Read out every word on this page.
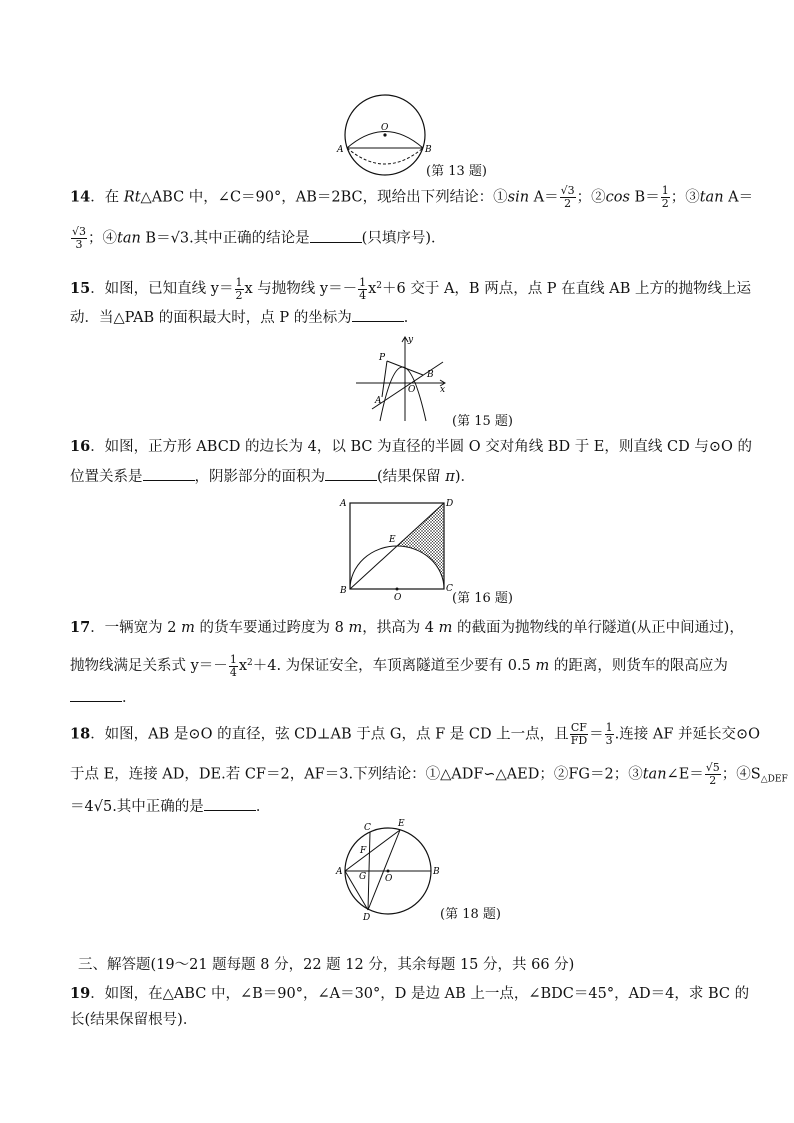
O
A	B
(第 13 题)
14．在 Rt△ABC 中，∠C＝90°，AB＝2BC，现给出下列结论：①sin $A= \frac{√3}{2}$ ；②cos $B= \frac{1}{2}$ ；③tan A＝
$\frac{√3}{3}$ ；④tan B＝√3.其中正确的结论是	(只填序号)．
15．如图，已知直线 $y= \frac{1}{2}$ x 与抛物线 $y=- \frac{1}{4} x^2+6$ 交于 A，B 两点，点 P 在直线 AB 上方的抛物线上运
动．当△PAB 的面积最大时，点 P 的坐标为	．
y
x
P
B
A
O
(第 15 题)
16．如图，正方形 ABCD 的边长为 4，以 BC 为直径的半圆 O 交对角线 BD 于 E，则直线 CD 与⊙O 的
位置关系是	，阴影部分的面积为	(结果保留 π)．
A	D
E
B	C
O	(第 16 题)
17．一辆宽为 2 m 的货车要通过跨度为 8 m，拱高为 4 m 的截面为抛物线的单行隧道(从正中间通过)，
抛物线满足关系式 $y=- \frac{1}{4} x^2+4$. 为保证安全，车顶离隧道至少要有 0.5 m 的距离，则货车的限高应为
．
18．如图，AB 是⊙O 的直径，弦 CD⊥AB 于点 G，点 F 是 CD 上一点，且 $\frac{CF}{FD} = \frac{1}{3}$ .连接 AF 并延长交⊙O
于点 E，连接 AD，DE.若 CF＝2，AF＝3.下列结论：①△ADF∽△AED；②FG＝2；③tan∠E＝ $\frac{√5}{2}$ ；$④S_{\triangle DEF}$
＝4√5.其中正确的是	．
C	E
F
A G O
B
D	(第 18 题)
三、解答题(19～21 题每题 8 分，22 题 12 分，其余每题 15 分，共 66 分)
19．如图，在△ABC 中，∠B＝90°，∠A＝30°，D 是边 AB 上一点，∠BDC＝45°，AD＝4，求 BC 的
长(结果保留根号)．
